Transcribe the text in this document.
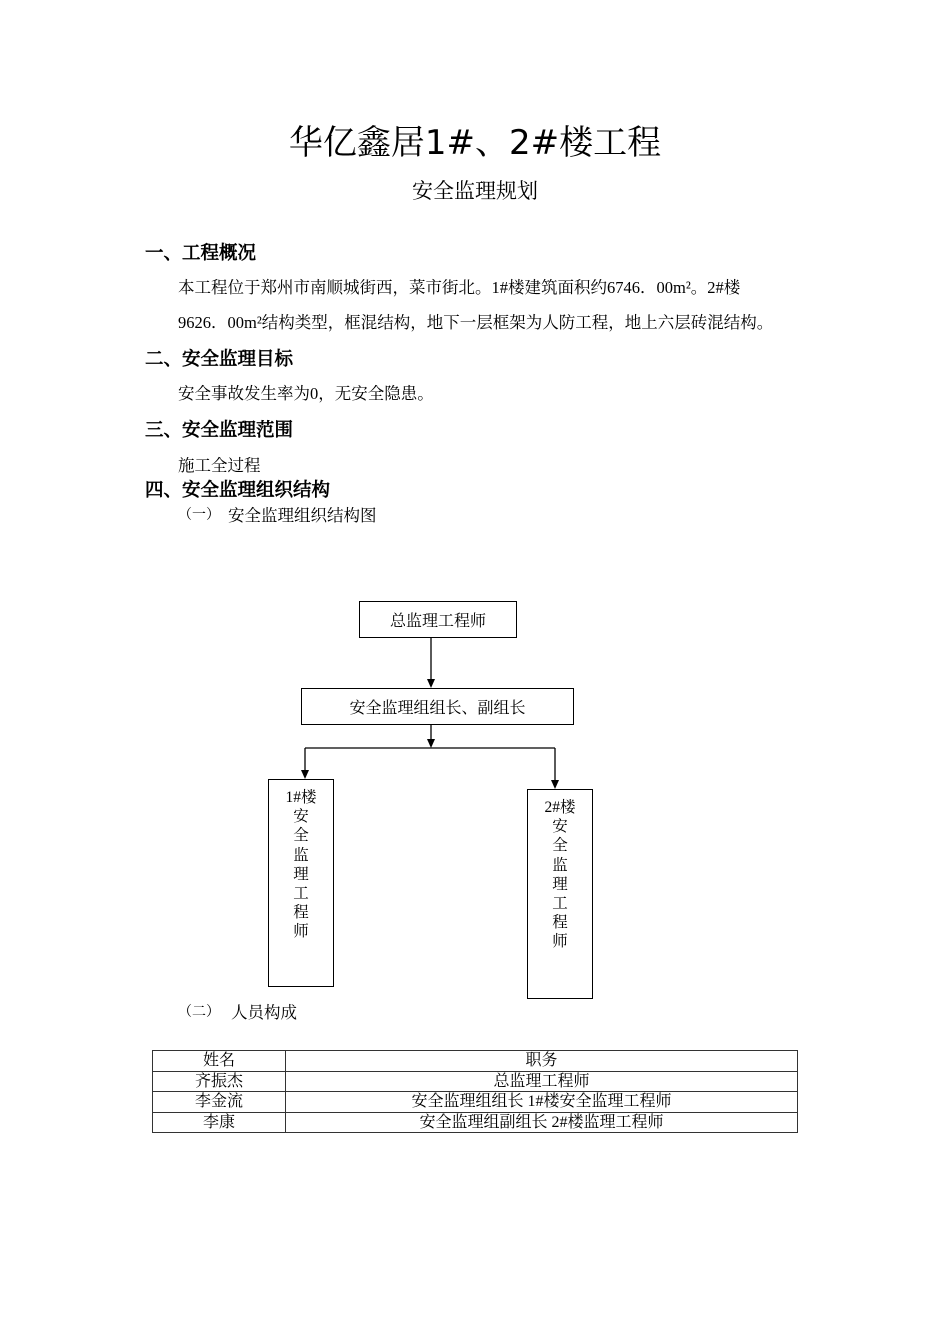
华亿鑫居1#、2#楼工程
安全监理规划
一、工程概况
本工程位于郑州市南顺城街西，菜市街北。1#楼建筑面积约6746．00m²。2#楼
9626．00m²结构类型，框混结构，地下一层框架为人防工程，地上六层砖混结构。
二、安全监理目标
安全事故发生率为0，无安全隐患。
三、安全监理范围
施工全过程
四、安全监理组织结构
（一） 安全监理组织结构图
总监理工程师
安全监理组组长、副组长
1#楼
安
全
监
理
工
程
师
2#楼
安
全
监
理
工
程
师
（二） 人员构成
姓名	职务
齐振杰	总监理工程师
李金流	安全监理组组长 1#楼安全监理工程师
李康	安全监理组副组长 2#楼监理工程师
